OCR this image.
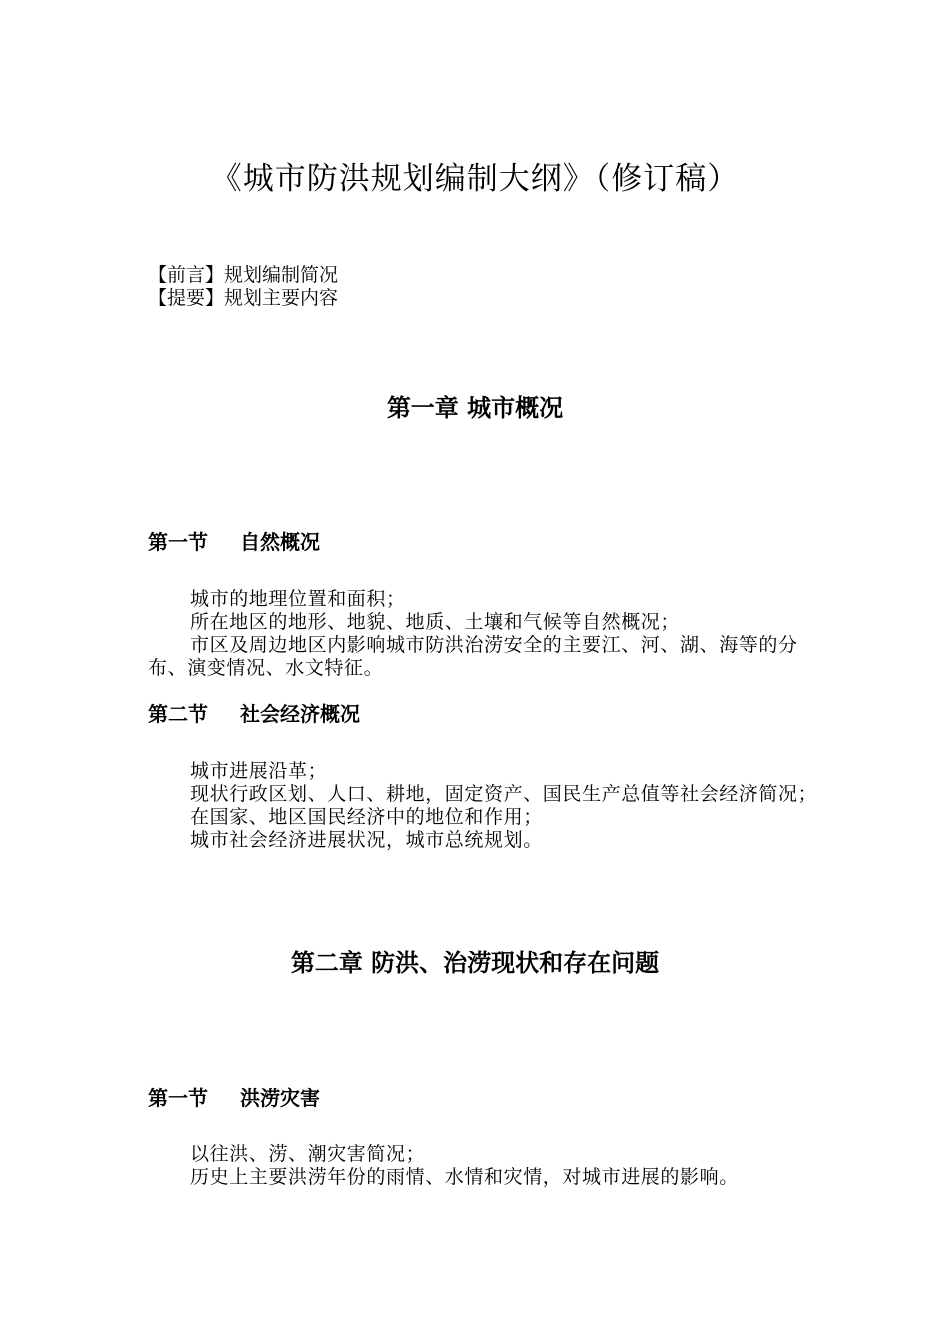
《城市防洪规划编制大纲》（修订稿）
【前言】规划编制简况
【提要】规划主要内容
第一章 城市概况
第一节 自然概况

城市的地理位置和面积；

所在地区的地形、地貌、地质、土壤和气候等自然概况；

市区及周边地区内影响城市防洪治涝安全的主要江、河、湖、海等的分布、演变情况、水文特征。

第二节 社会经济概况

城市进展沿革；

现状行政区划、人口、耕地，固定资产、国民生产总值等社会经济简况；

在国家、地区国民经济中的地位和作用；

城市社会经济进展状况，城市总统规划。

第二章 防洪、治涝现状和存在问题
第一节 洪涝灾害

以往洪、涝、潮灾害简况；

历史上主要洪涝年份的雨情、水情和灾情，对城市进展的影响。
